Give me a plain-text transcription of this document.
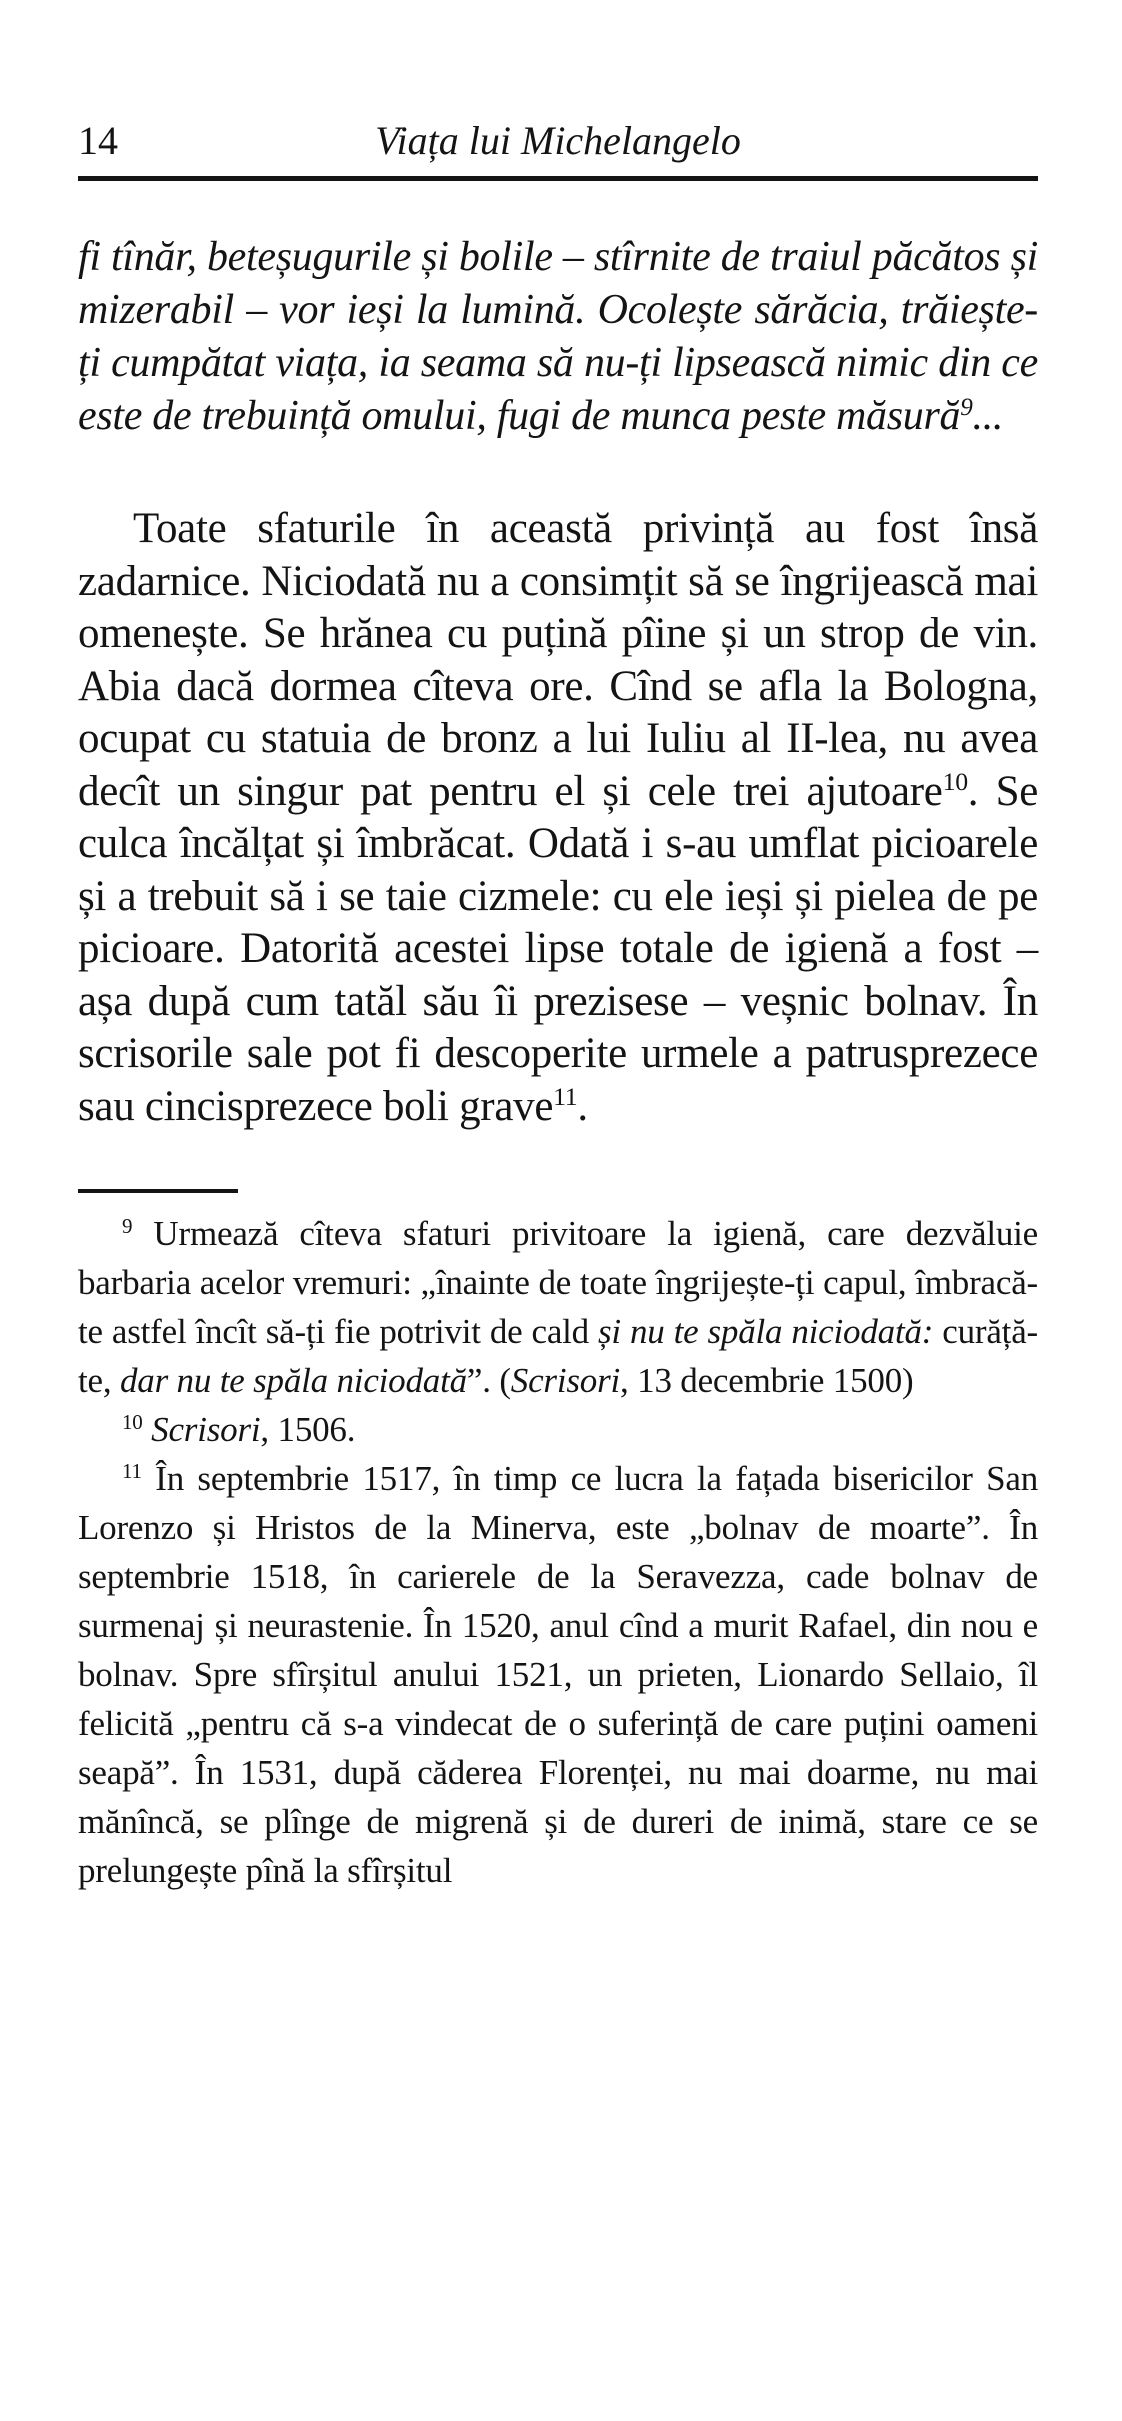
14	Viața lui Michelangelo

fi tînăr, beteșugurile și bolile – stîrnite de traiul păcătos și mizerabil – vor ieși la lumină. Ocolește sărăcia, trăiește-ți cumpătat viața, ia seama să nu-ți lipsească nimic din ce este de trebuință omului, fugi de munca peste măsură$^9$...

Toate sfaturile în această privință au fost însă zadarnice. Niciodată nu a consimțit să se îngrijească mai omenește. Se hrănea cu puțină pîine și un strop de vin. Abia dacă dormea cîteva ore. Cînd se afla la Bologna, ocupat cu statuia de bronz a lui Iuliu al II-lea, nu avea decît un singur pat pentru el și cele trei ajutoare$^{10}$. Se culca încălțat și îmbrăcat. Odată i s-au umflat picioarele și a trebuit să i se taie cizmele: cu ele ieși și pielea de pe picioare. Datorită acestei lipse totale de igienă a fost – așa după cum tatăl său îi prezisese – veșnic bolnav. În scrisorile sale pot fi descoperite urmele a patrusprezece sau cincisprezece boli grave$^{11}$.

$^9$ Urmează cîteva sfaturi privitoare la igienă, care dezvăluie barbaria acelor vremuri: „înainte de toate îngrijește-ți capul, îmbracă-te astfel încît să-ți fie potrivit de cald și nu te spăla niciodată: curăță-te, dar nu te spăla niciodată”. (Scrisori, 13 decembrie 1500)

$^{10}$ Scrisori, 1506.

$^{11}$ În septembrie 1517, în timp ce lucra la fațada bisericilor San Lorenzo și Hristos de la Minerva, este „bolnav de moarte”. În septembrie 1518, în carierele de la Seravezza, cade bolnav de surmenaj și neurastenie. În 1520, anul cînd a murit Rafael, din nou e bolnav. Spre sfîrșitul anului 1521, un prieten, Lionardo Sellaio, îl felicită „pentru că s-a vindecat de o suferință de care puțini oameni seapă”. În 1531, după căderea Florenței, nu mai doarme, nu mai mănîncă, se plînge de migrenă și de dureri de inimă, stare ce se prelungește pînă la sfîrșitul
